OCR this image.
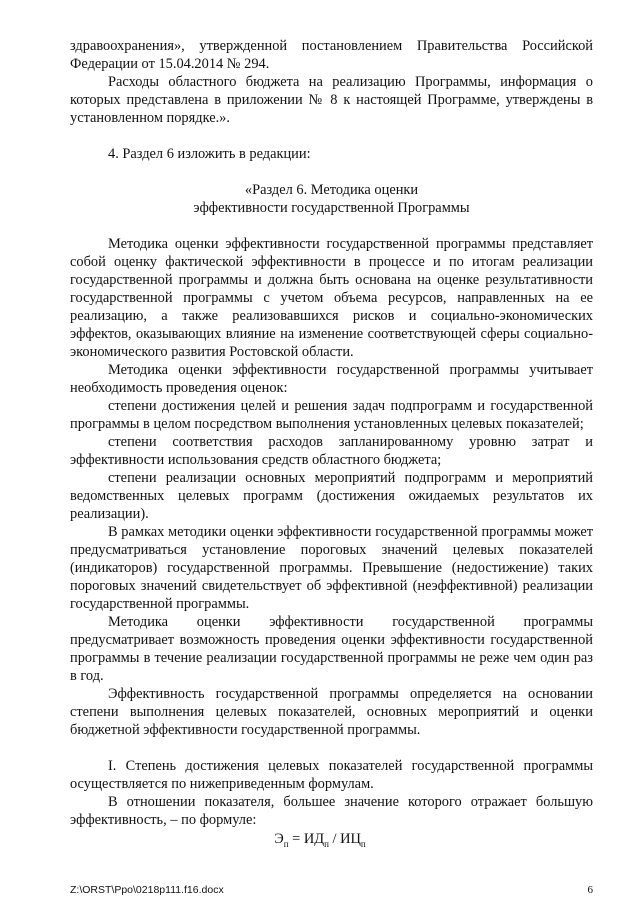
здравоохранения», утвержденной постановлением Правительства Российской Федерации от 15.04.2014 № 294.

Расходы областного бюджета на реализацию Программы, информация о которых представлена в приложении № 8 к настоящей Программе, утверждены в установленном порядке.».

4. Раздел 6 изложить в редакции:

«Раздел 6. Методика оценки

эффективности государственной Программы

Методика оценки эффективности государственной программы представляет собой оценку фактической эффективности в процессе и по итогам реализации государственной программы и должна быть основана на оценке результативности государственной программы с учетом объема ресурсов, направленных на ее реализацию, а также реализовавшихся рисков и социально-экономических эффектов, оказывающих влияние на изменение соответствующей сферы социально-экономического развития Ростовской области.

Методика оценки эффективности государственной программы учитывает необходимость проведения оценок:

степени достижения целей и решения задач подпрограмм и государственной программы в целом посредством выполнения установленных целевых показателей;

степени соответствия расходов запланированному уровню затрат и эффективности использования средств областного бюджета;

степени реализации основных мероприятий подпрограмм и мероприятий ведомственных целевых программ (достижения ожидаемых результатов их реализации).

В рамках методики оценки эффективности государственной программы может предусматриваться установление пороговых значений целевых показателей (индикаторов) государственной программы. Превышение (недостижение) таких пороговых значений свидетельствует об эффективной (неэффективной) реализации государственной программы.

Методика оценки эффективности государственной программы предусматривает возможность проведения оценки эффективности государственной программы в течение реализации государственной программы не реже чем один раз в год.

Эффективность государственной программы определяется на основании степени выполнения целевых показателей, основных мероприятий и оценки бюджетной эффективности государственной программы.

I. Степень достижения целевых показателей государственной программы осуществляется по нижеприведенным формулам.

В отношении показателя, большее значение которого отражает большую эффективность, – по формуле:

$Э_п = ИД_п / ИЦ_п$
Z:\ORST\Ppo\0218p111.f16.docx	6
